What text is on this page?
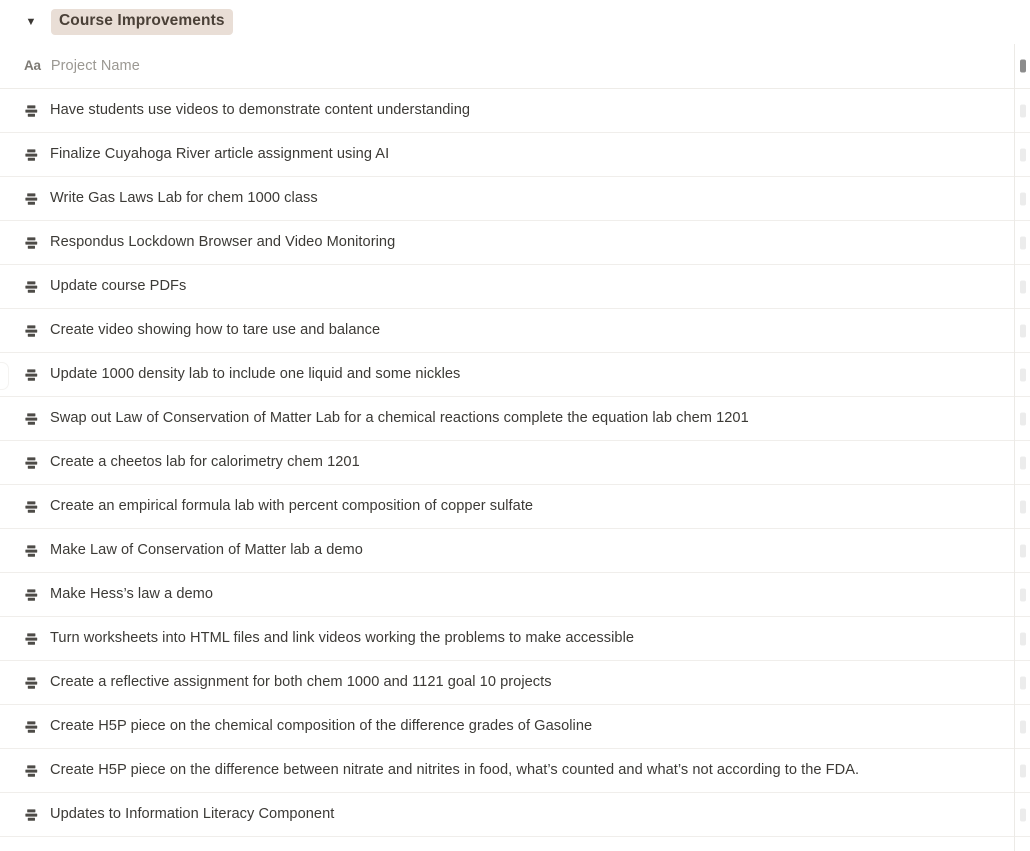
▼	Course Improvements
Aa Project Name
Have students use videos to demonstrate content understanding
Finalize Cuyahoga River article assignment using AI
Write Gas Laws Lab for chem 1000 class
Respondus Lockdown Browser and Video Monitoring
Update course PDFs
Create video showing how to tare use and balance
Update 1000 density lab to include one liquid and some nickles
Swap out Law of Conservation of Matter Lab for a chemical reactions complete the equation lab chem 1201
Create a cheetos lab for calorimetry chem 1201
Create an empirical formula lab with percent composition of copper sulfate
Make Law of Conservation of Matter lab a demo
Make Hess’s law a demo
Turn worksheets into HTML files and link videos working the problems to make accessible
Create a reflective assignment for both chem 1000 and 1121 goal 10 projects
Create H5P piece on the chemical composition of the difference grades of Gasoline
Create H5P piece on the difference between nitrate and nitrites in food, what’s counted and what’s not according to the FDA.
Updates to Information Literacy Component
